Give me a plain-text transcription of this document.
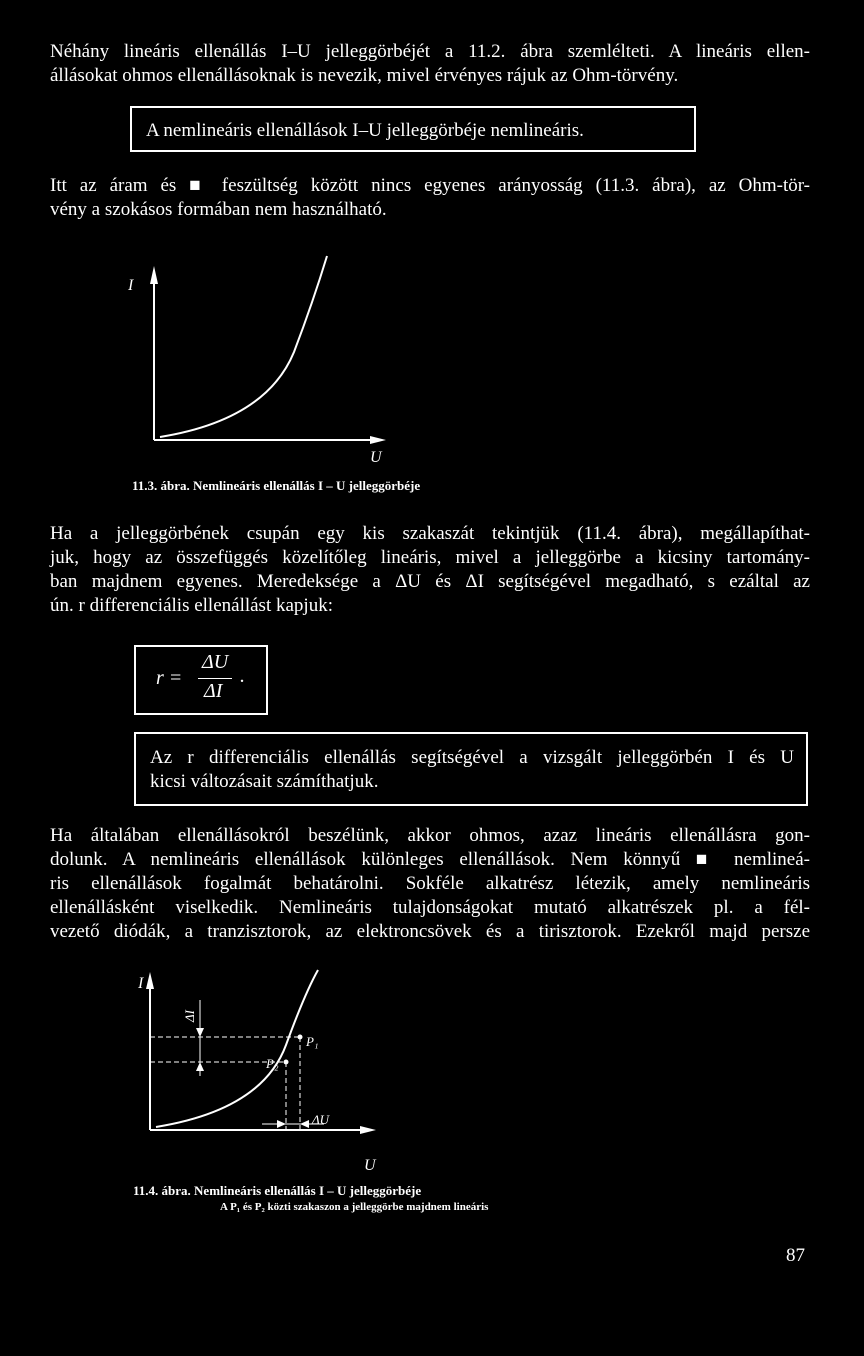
Néhány lineáris ellenállás I–U jelleggörbéjét a 11.2. ábra szemlélteti. A lineáris ellen-
állásokat ohmos ellenállásoknak is nevezik, mivel érvényes rájuk az Ohm-törvény.
A nemlineáris ellenállások I–U jelleggörbéje nemlineáris.
Itt az áram és ■ feszültség között nincs egyenes arányosság (11.3. ábra), az Ohm-tör-
vény a szokásos formában nem használható.
I
U
11.3. ábra. Nemlineáris ellenállás I – U jelleggörbéje
Ha a jelleggörbének csupán egy kis szakaszát tekintjük (11.4. ábra), megállapíthat-
juk, hogy az összefüggés közelítőleg lineáris, mivel a jelleggörbe a kicsiny tartomány-
ban majdnem egyenes. Meredeksége a ΔU és ΔI segítségével megadható, s ezáltal az
ún. r differenciális ellenállást kapjuk:
r =
ΔU
ΔI
.
Az r differenciális ellenállás segítségével a vizsgált jelleggörbén I és U
kicsi változásait számíthatjuk.
Ha általában ellenállásokról beszélünk, akkor ohmos, azaz lineáris ellenállásra gon-
dolunk. A nemlineáris ellenállások különleges ellenállások. Nem könnyű ■ nemlineá-
ris ellenállások fogalmát behatárolni. Sokféle alkatrész létezik, amely nemlineáris
ellenállásként viselkedik. Nemlineáris tulajdonságokat mutató alkatrészek pl. a fél-
vezető diódák, a tranzisztorok, az elektroncsövek és a tirisztorok. Ezekről majd persze
I
U
ΔI
ΔU
P₁
P₂
11.4. ábra. Nemlineáris ellenállás I – U jelleggörbéje
A P₁ és P₂ közti szakaszon a jelleggörbe majdnem lineáris
87
